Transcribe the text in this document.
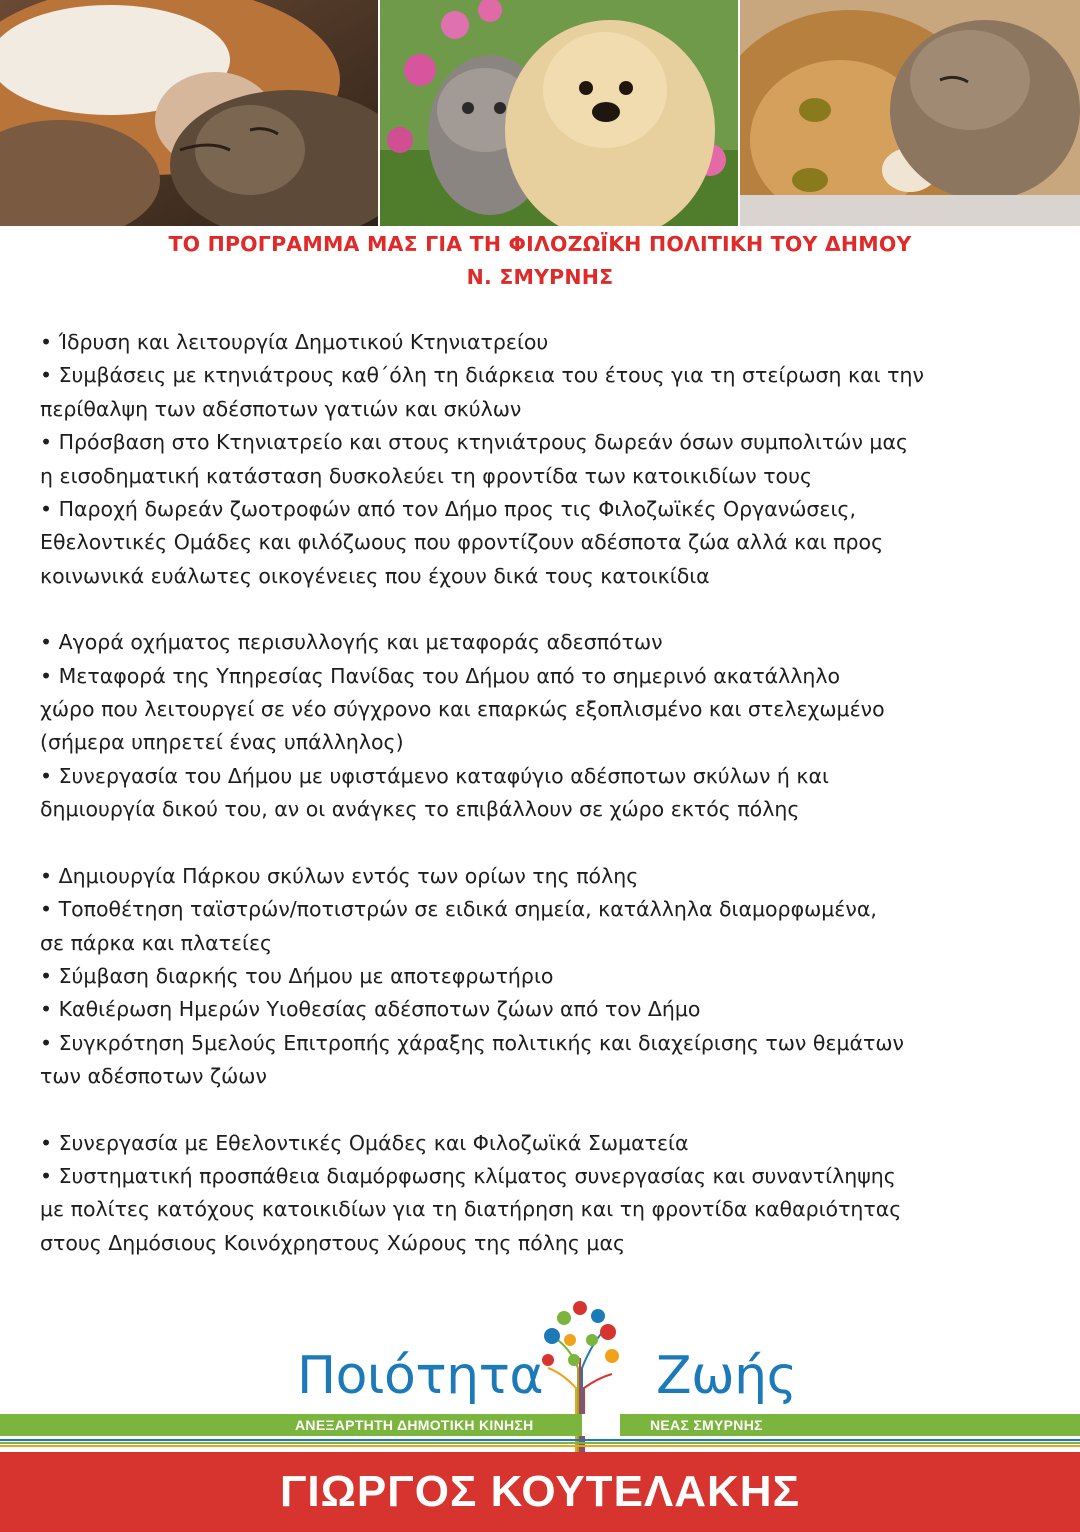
ΤΟ ΠΡΟΓΡΑΜΜΑ ΜΑΣ ΓΙΑ ΤΗ ΦΙΛΟΖΩΪΚΗ ΠΟΛΙΤΙΚΗ ΤΟΥ ΔΗΜΟΥ
Ν. ΣΜΥΡΝΗΣ
• Ίδρυση και λειτουργία Δημοτικού Κτηνιατρείου
• Συμβάσεις με κτηνιάτρους καθ΄όλη τη διάρκεια του έτους για τη στείρωση και την
περίθαλψη των αδέσποτων γατιών και σκύλων
• Πρόσβαση στο Κτηνιατρείο και στους κτηνιάτρους δωρεάν όσων συμπολιτών μας
η εισοδηματική κατάσταση δυσκολεύει τη φροντίδα των κατοικιδίων τους
• Παροχή δωρεάν ζωοτροφών από τον Δήμο προς τις Φιλοζωϊκές Οργανώσεις,
Εθελοντικές Ομάδες και φιλόζωους που φροντίζουν αδέσποτα ζώα αλλά και προς
κοινωνικά ευάλωτες οικογένειες που έχουν δικά τους κατοικίδια
• Αγορά οχήματος περισυλλογής και μεταφοράς αδεσπότων
• Μεταφορά της Υπηρεσίας Πανίδας του Δήμου από το σημερινό ακατάλληλο
χώρο που λειτουργεί σε νέο σύγχρονο και επαρκώς εξοπλισμένο και στελεχωμένο
(σήμερα υπηρετεί ένας υπάλληλος)
• Συνεργασία του Δήμου με υφιστάμενο καταφύγιο αδέσποτων σκύλων ή και
δημιουργία δικού του, αν οι ανάγκες το επιβάλλουν σε χώρο εκτός πόλης
• Δημιουργία Πάρκου σκύλων εντός των ορίων της πόλης
• Τοποθέτηση ταϊστρών/ποτιστρών σε ειδικά σημεία, κατάλληλα διαμορφωμένα,
σε πάρκα και πλατείες
• Σύμβαση διαρκής του Δήμου με αποτεφρωτήριο
• Καθιέρωση Ημερών Υιοθεσίας αδέσποτων ζώων από τον Δήμο
• Συγκρότηση 5μελούς Επιτροπής χάραξης πολιτικής και διαχείρισης των θεμάτων
των αδέσποτων ζώων
• Συνεργασία με Εθελοντικές Ομάδες και Φιλοζωϊκά Σωματεία
• Συστηματική προσπάθεια διαμόρφωσης κλίματος συνεργασίας και συναντίληψης
με πολίτες κατόχους κατοικιδίων για τη διατήρηση και τη φροντίδα καθαριότητας
στους Δημόσιους Κοινόχρηστους Χώρους της πόλης μας
Ποιότητα Ζωής
ΑΝΕΞΑΡΤΗΤΗ ΔΗΜΟΤΙΚΗ ΚΙΝΗΣΗ	ΝΕΑΣ ΣΜΥΡΝΗΣ
ΓΙΩΡΓΟΣ ΚΟΥΤΕΛΑΚΗΣ
